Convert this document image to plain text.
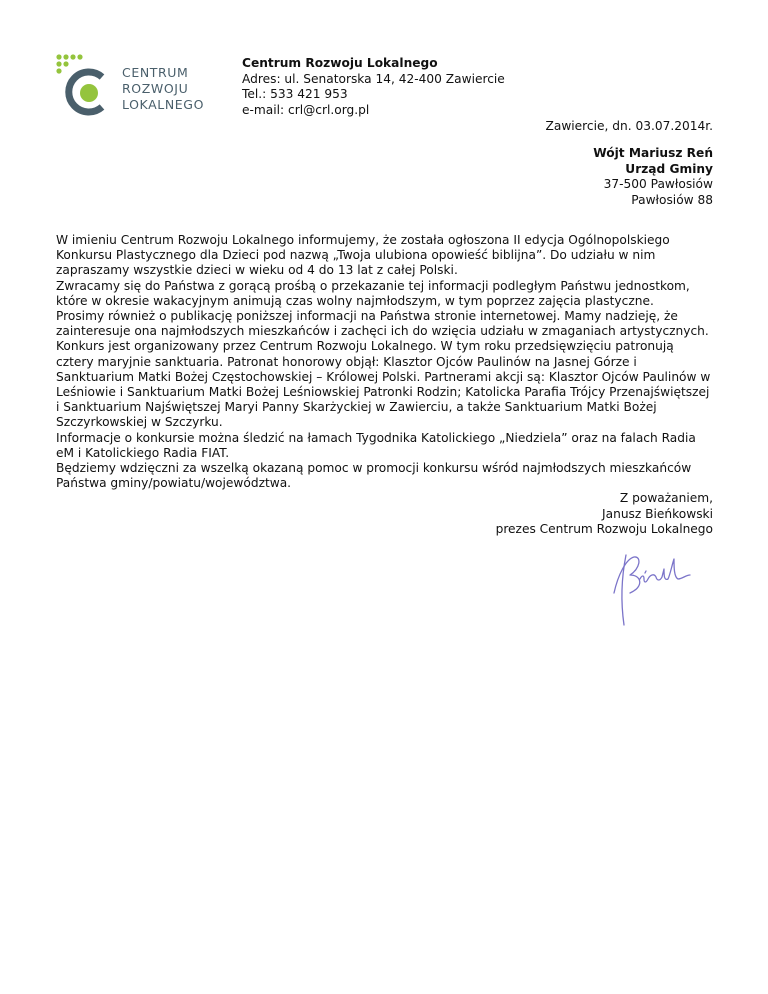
CENTRUM
ROZWOJU
LOKALNEGO
Centrum Rozwoju Lokalnego
Adres: ul. Senatorska 14, 42-400 Zawiercie
Tel.: 533 421 953
e-mail: crl@crl.org.pl
Zawiercie, dn. 03.07.2014r.
Wójt Mariusz Reń
Urząd Gminy
37-500 Pawłosiów
Pawłosiów 88

W imieniu Centrum Rozwoju Lokalnego informujemy, że została ogłoszona II edycja Ogólnopolskiego Konkursu Plastycznego dla Dzieci pod nazwą „Twoja ulubiona opowieść biblijna”. Do udziału w nim zapraszamy wszystkie dzieci w wieku od 4 do 13 lat z całej Polski.

Zwracamy się do Państwa z gorącą prośbą o przekazanie tej informacji podległym Państwu jednostkom, które w okresie wakacyjnym animują czas wolny najmłodszym, w tym poprzez zajęcia plastyczne.

Prosimy również o publikację poniższej informacji na Państwa stronie internetowej. Mamy nadzieję, że zainteresuje ona najmłodszych mieszkańców i zachęci ich do wzięcia udziału w zmaganiach artystycznych.

Konkurs jest organizowany przez Centrum Rozwoju Lokalnego. W tym roku przedsięwzięciu patronują cztery maryjnie sanktuaria. Patronat honorowy objął: Klasztor Ojców Paulinów na Jasnej Górze i Sanktuarium Matki Bożej Częstochowskiej – Królowej Polski. Partnerami akcji są: Klasztor Ojców Paulinów w Leśniowie i Sanktuarium Matki Bożej Leśniowskiej Patronki Rodzin; Katolicka Parafia Trójcy Przenajświętszej i Sanktuarium Najświętszej Maryi Panny Skarżyckiej w Zawierciu, a także Sanktuarium Matki Bożej Szczyrkowskiej w Szczyrku.

Informacje o konkursie można śledzić na łamach Tygodnika Katolickiego „Niedziela” oraz na falach Radia eM i Katolickiego Radia FIAT.

Będziemy wdzięczni za wszelką okazaną pomoc w promocji konkursu wśród najmłodszych mieszkańców Państwa gminy/powiatu/województwa.

Z poważaniem,
Janusz Bieńkowski
prezes Centrum Rozwoju Lokalnego
